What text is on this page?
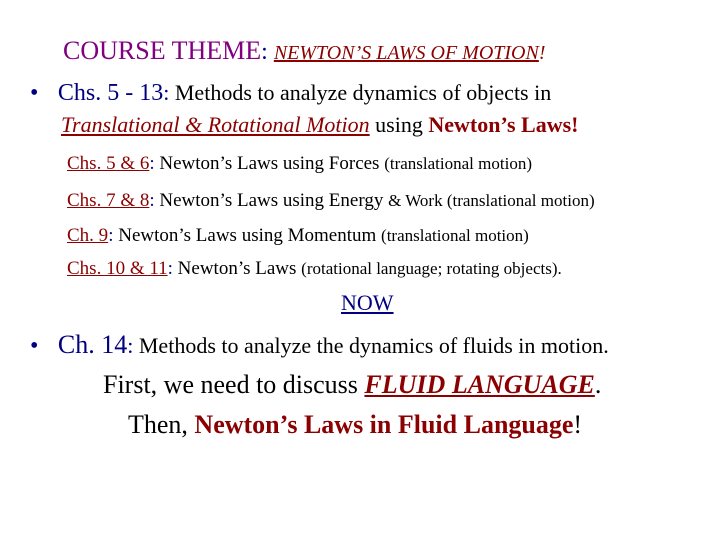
COURSE THEME: NEWTON’S LAWS OF MOTION!
• Chs. 5 - 13: Methods to analyze dynamics of objects in
Translational & Rotational Motion using Newton’s Laws!
Chs. 5 & 6: Newton’s Laws using Forces (translational motion)
Chs. 7 & 8: Newton’s Laws using Energy & Work (translational motion)
Ch. 9: Newton’s Laws using Momentum (translational motion)
Chs. 10 & 11: Newton’s Laws (rotational language; rotating objects).
NOW
• Ch. 14: Methods to analyze the dynamics of fluids in motion.
First, we need to discuss FLUID LANGUAGE.
Then, Newton’s Laws in Fluid Language!
